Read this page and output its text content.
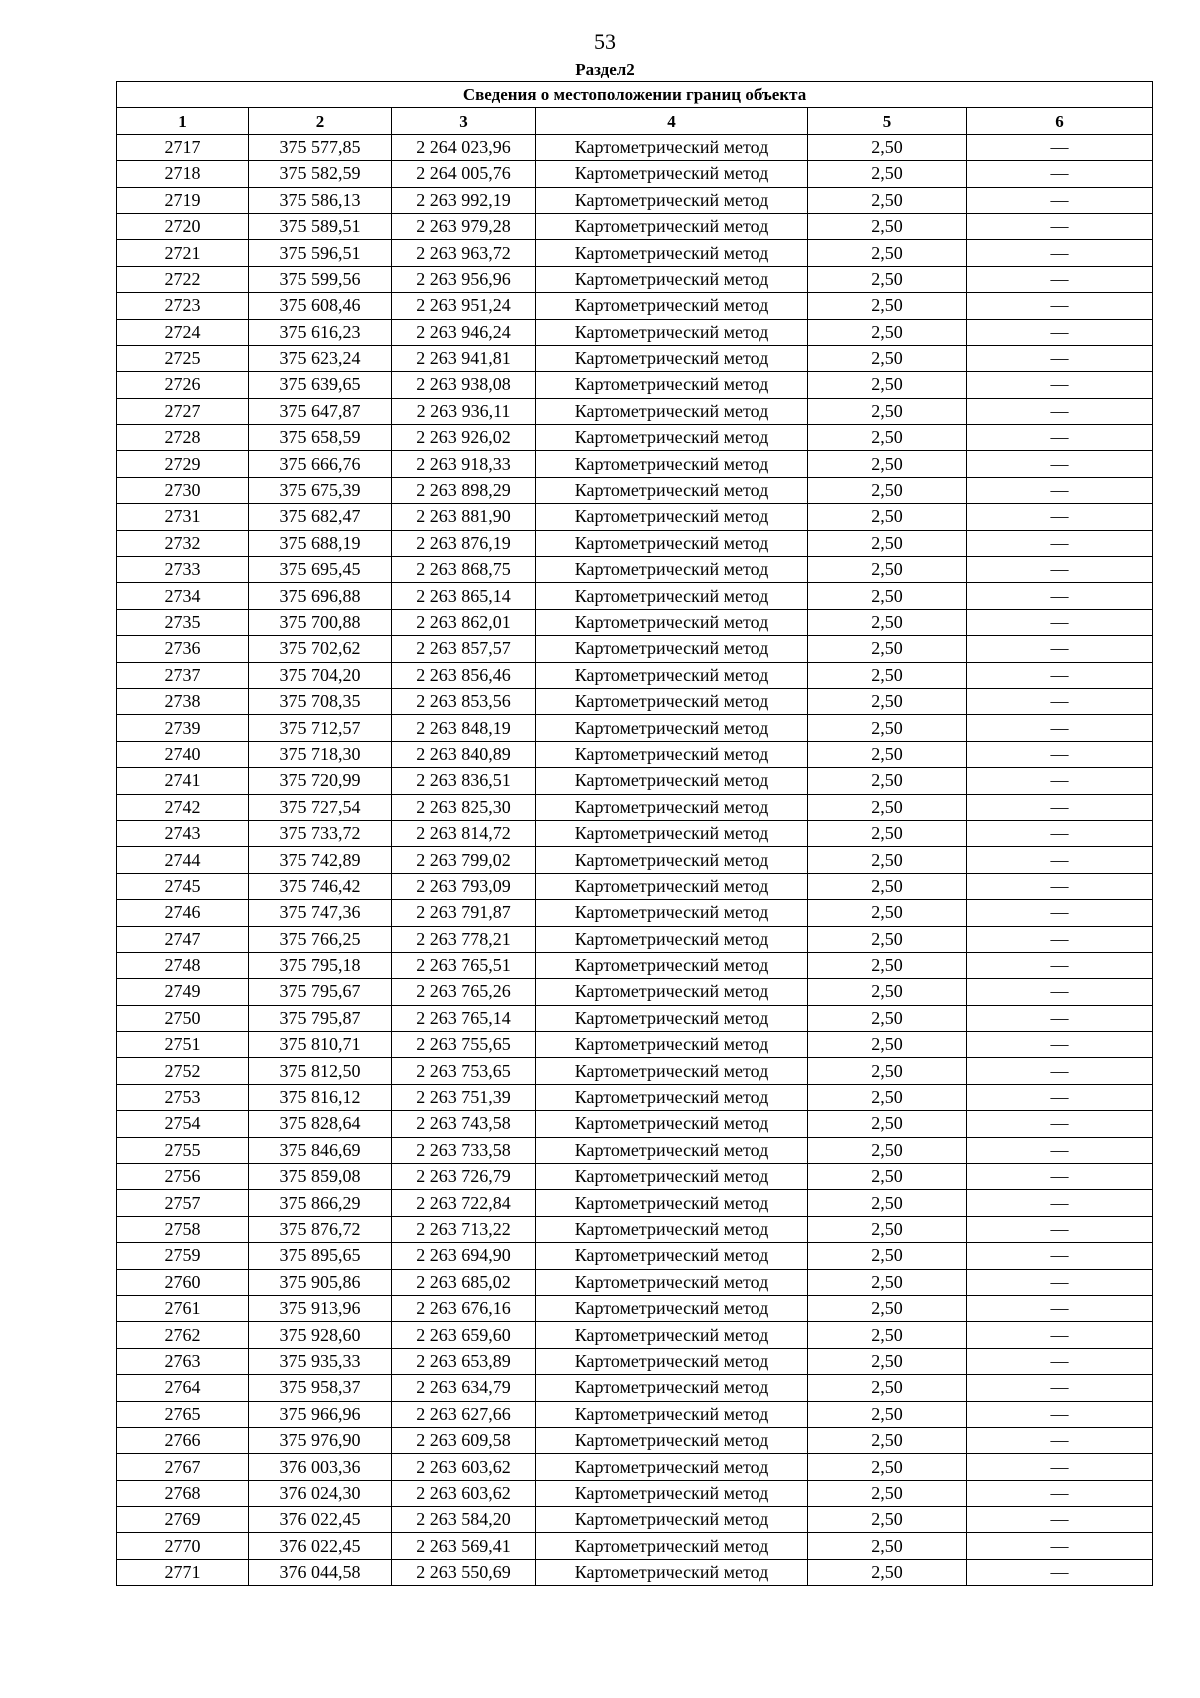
53
Раздел2
Сведения о местоположении границ объекта					
1	2	3	4	5	6
2717	375 577,85	2 264 023,96	Картометрический метод	2,50	—
2718	375 582,59	2 264 005,76	Картометрический метод	2,50	—
2719	375 586,13	2 263 992,19	Картометрический метод	2,50	—
2720	375 589,51	2 263 979,28	Картометрический метод	2,50	—
2721	375 596,51	2 263 963,72	Картометрический метод	2,50	—
2722	375 599,56	2 263 956,96	Картометрический метод	2,50	—
2723	375 608,46	2 263 951,24	Картометрический метод	2,50	—
2724	375 616,23	2 263 946,24	Картометрический метод	2,50	—
2725	375 623,24	2 263 941,81	Картометрический метод	2,50	—
2726	375 639,65	2 263 938,08	Картометрический метод	2,50	—
2727	375 647,87	2 263 936,11	Картометрический метод	2,50	—
2728	375 658,59	2 263 926,02	Картометрический метод	2,50	—
2729	375 666,76	2 263 918,33	Картометрический метод	2,50	—
2730	375 675,39	2 263 898,29	Картометрический метод	2,50	—
2731	375 682,47	2 263 881,90	Картометрический метод	2,50	—
2732	375 688,19	2 263 876,19	Картометрический метод	2,50	—
2733	375 695,45	2 263 868,75	Картометрический метод	2,50	—
2734	375 696,88	2 263 865,14	Картометрический метод	2,50	—
2735	375 700,88	2 263 862,01	Картометрический метод	2,50	—
2736	375 702,62	2 263 857,57	Картометрический метод	2,50	—
2737	375 704,20	2 263 856,46	Картометрический метод	2,50	—
2738	375 708,35	2 263 853,56	Картометрический метод	2,50	—
2739	375 712,57	2 263 848,19	Картометрический метод	2,50	—
2740	375 718,30	2 263 840,89	Картометрический метод	2,50	—
2741	375 720,99	2 263 836,51	Картометрический метод	2,50	—
2742	375 727,54	2 263 825,30	Картометрический метод	2,50	—
2743	375 733,72	2 263 814,72	Картометрический метод	2,50	—
2744	375 742,89	2 263 799,02	Картометрический метод	2,50	—
2745	375 746,42	2 263 793,09	Картометрический метод	2,50	—
2746	375 747,36	2 263 791,87	Картометрический метод	2,50	—
2747	375 766,25	2 263 778,21	Картометрический метод	2,50	—
2748	375 795,18	2 263 765,51	Картометрический метод	2,50	—
2749	375 795,67	2 263 765,26	Картометрический метод	2,50	—
2750	375 795,87	2 263 765,14	Картометрический метод	2,50	—
2751	375 810,71	2 263 755,65	Картометрический метод	2,50	—
2752	375 812,50	2 263 753,65	Картометрический метод	2,50	—
2753	375 816,12	2 263 751,39	Картометрический метод	2,50	—
2754	375 828,64	2 263 743,58	Картометрический метод	2,50	—
2755	375 846,69	2 263 733,58	Картометрический метод	2,50	—
2756	375 859,08	2 263 726,79	Картометрический метод	2,50	—
2757	375 866,29	2 263 722,84	Картометрический метод	2,50	—
2758	375 876,72	2 263 713,22	Картометрический метод	2,50	—
2759	375 895,65	2 263 694,90	Картометрический метод	2,50	—
2760	375 905,86	2 263 685,02	Картометрический метод	2,50	—
2761	375 913,96	2 263 676,16	Картометрический метод	2,50	—
2762	375 928,60	2 263 659,60	Картометрический метод	2,50	—
2763	375 935,33	2 263 653,89	Картометрический метод	2,50	—
2764	375 958,37	2 263 634,79	Картометрический метод	2,50	—
2765	375 966,96	2 263 627,66	Картометрический метод	2,50	—
2766	375 976,90	2 263 609,58	Картометрический метод	2,50	—
2767	376 003,36	2 263 603,62	Картометрический метод	2,50	—
2768	376 024,30	2 263 603,62	Картометрический метод	2,50	—
2769	376 022,45	2 263 584,20	Картометрический метод	2,50	—
2770	376 022,45	2 263 569,41	Картометрический метод	2,50	—
2771	376 044,58	2 263 550,69	Картометрический метод	2,50	—
